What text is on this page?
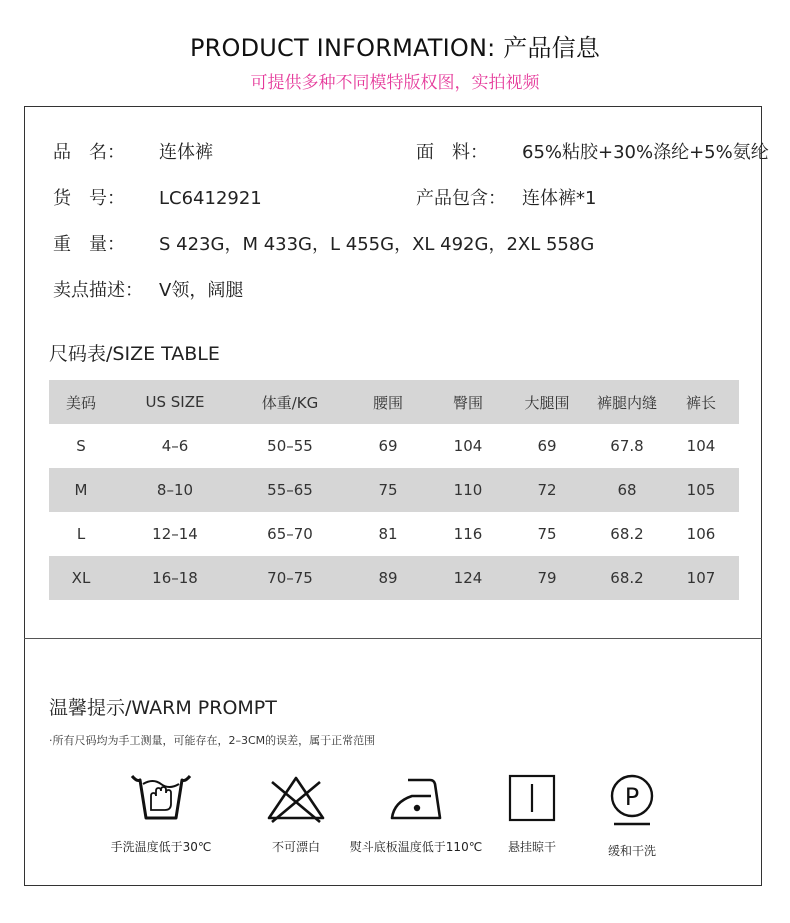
PRODUCT INFORMATION: 产品信息
可提供多种不同模特版权图，实拍视频
品　名： 连体裤	面　料： 65%粘胶+30%涤纶+5%氨纶
货　号： LC6412921	产品包含： 连体裤*1
重　量： S 423G，M 433G，L 455G，XL 492G，2XL 558G
卖点描述： V领，阔腿
尺码表/SIZE TABLE
美码	US SIZE	体重/KG	腰围	臀围	大腿围	裤腿内缝	裤长
S	4–6	50–55	69	104	69	67.8	104
M	8–10	55–65	75	110	72	68	105
L	12–14	65–70	81	116	75	68.2	106
XL	16–18	70–75	89	124	79	68.2	107
温馨提示/WARM PROMPT
·所有尺码均为手工测量，可能存在，2–3CM的误差，属于正常范围
手洗温度低于30℃	不可漂白	熨斗底板温度低于110℃	悬挂晾干
P
缓和干洗
